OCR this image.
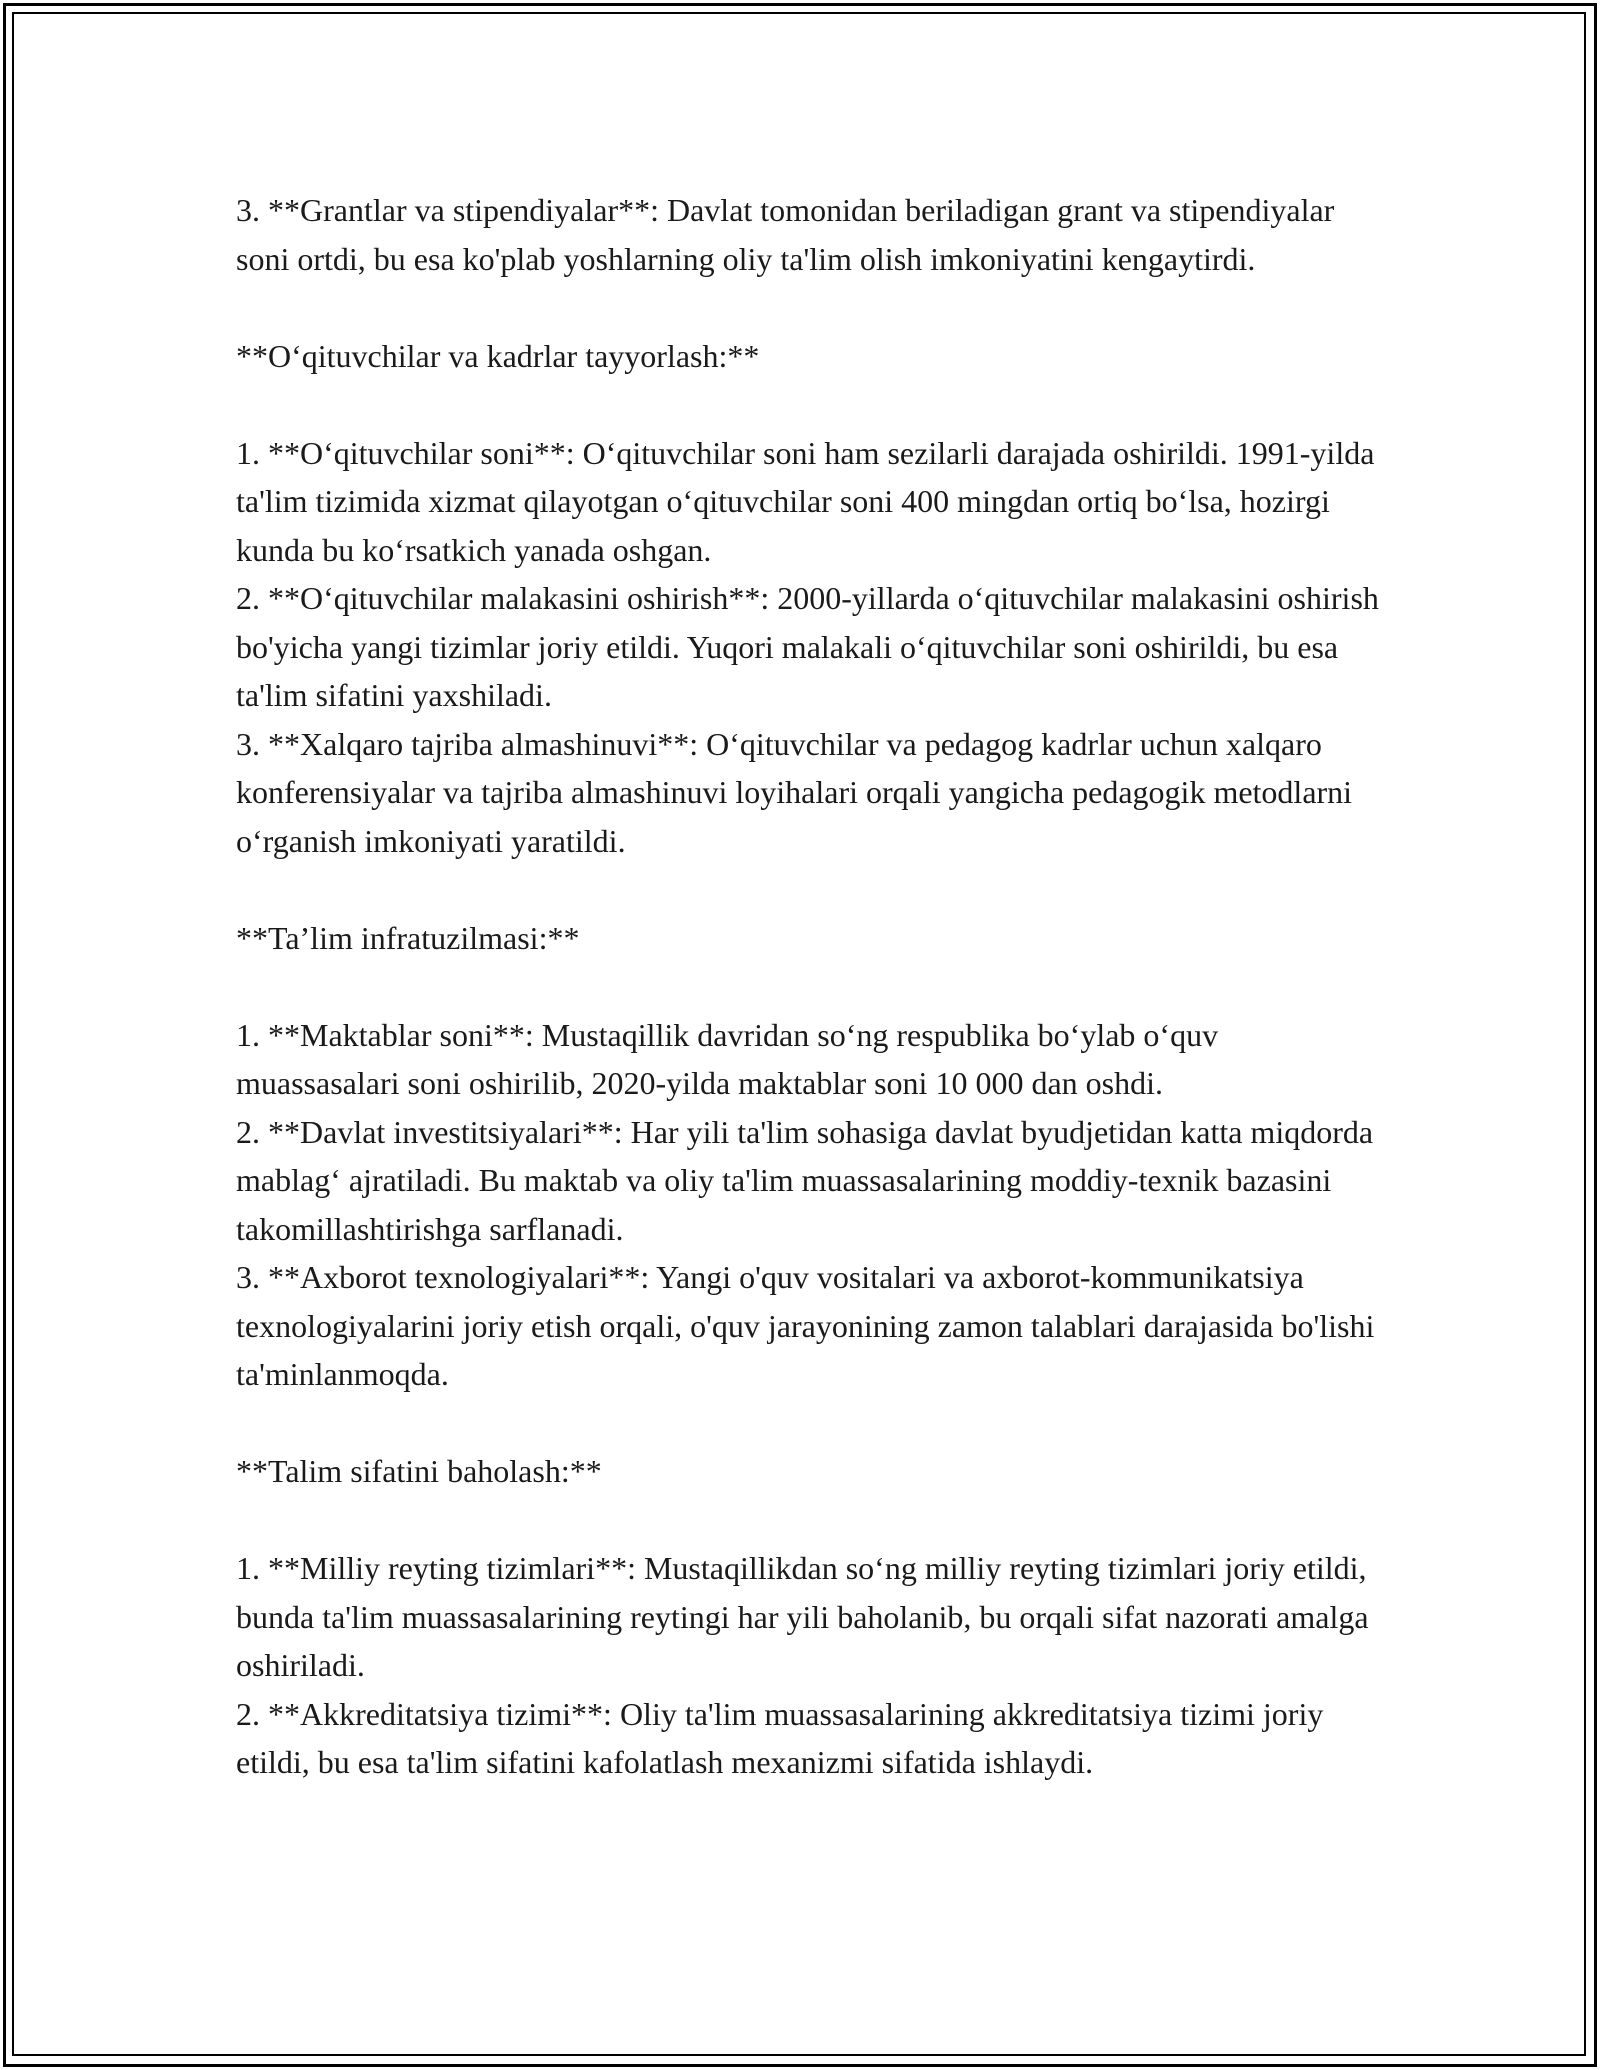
3. **Grantlar va stipendiyalar**: Davlat tomonidan beriladigan grant va stipendiyalar soni ortdi, bu esa ko'plab yoshlarning oliy ta'lim olish imkoniyatini kengaytirdi.

**O‘qituvchilar va kadrlar tayyorlash:**

1. **O‘qituvchilar soni**: O‘qituvchilar soni ham sezilarli darajada oshirildi. 1991-yilda ta'lim tizimida xizmat qilayotgan o‘qituvchilar soni 400 mingdan ortiq bo‘lsa, hozirgi kunda bu ko‘rsatkich yanada oshgan.

2. **O‘qituvchilar malakasini oshirish**: 2000-yillarda o‘qituvchilar malakasini oshirish bo'yicha yangi tizimlar joriy etildi. Yuqori malakali o‘qituvchilar soni oshirildi, bu esa ta'lim sifatini yaxshiladi.

3. **Xalqaro tajriba almashinuvi**: O‘qituvchilar va pedagog kadrlar uchun xalqaro konferensiyalar va tajriba almashinuvi loyihalari orqali yangicha pedagogik metodlarni o‘rganish imkoniyati yaratildi.

**Ta’lim infratuzilmasi:**

1. **Maktablar soni**: Mustaqillik davridan so‘ng respublika bo‘ylab o‘quv muassasalari soni oshirilib, 2020-yilda maktablar soni 10 000 dan oshdi.

2. **Davlat investitsiyalari**: Har yili ta'lim sohasiga davlat byudjetidan katta miqdorda mablag‘ ajratiladi. Bu maktab va oliy ta'lim muassasalarining moddiy-texnik bazasini takomillashtirishga sarflanadi.

3. **Axborot texnologiyalari**: Yangi o'quv vositalari va axborot-kommunikatsiya texnologiyalarini joriy etish orqali, o'quv jarayonining zamon talablari darajasida bo'lishi ta'minlanmoqda.

**Talim sifatini baholash:**

1. **Milliy reyting tizimlari**: Mustaqillikdan so‘ng milliy reyting tizimlari joriy etildi, bunda ta'lim muassasalarining reytingi har yili baholanib, bu orqali sifat nazorati amalga oshiriladi.

2. **Akkreditatsiya tizimi**: Oliy ta'lim muassasalarining akkreditatsiya tizimi joriy etildi, bu esa ta'lim sifatini kafolatlash mexanizmi sifatida ishlaydi.
